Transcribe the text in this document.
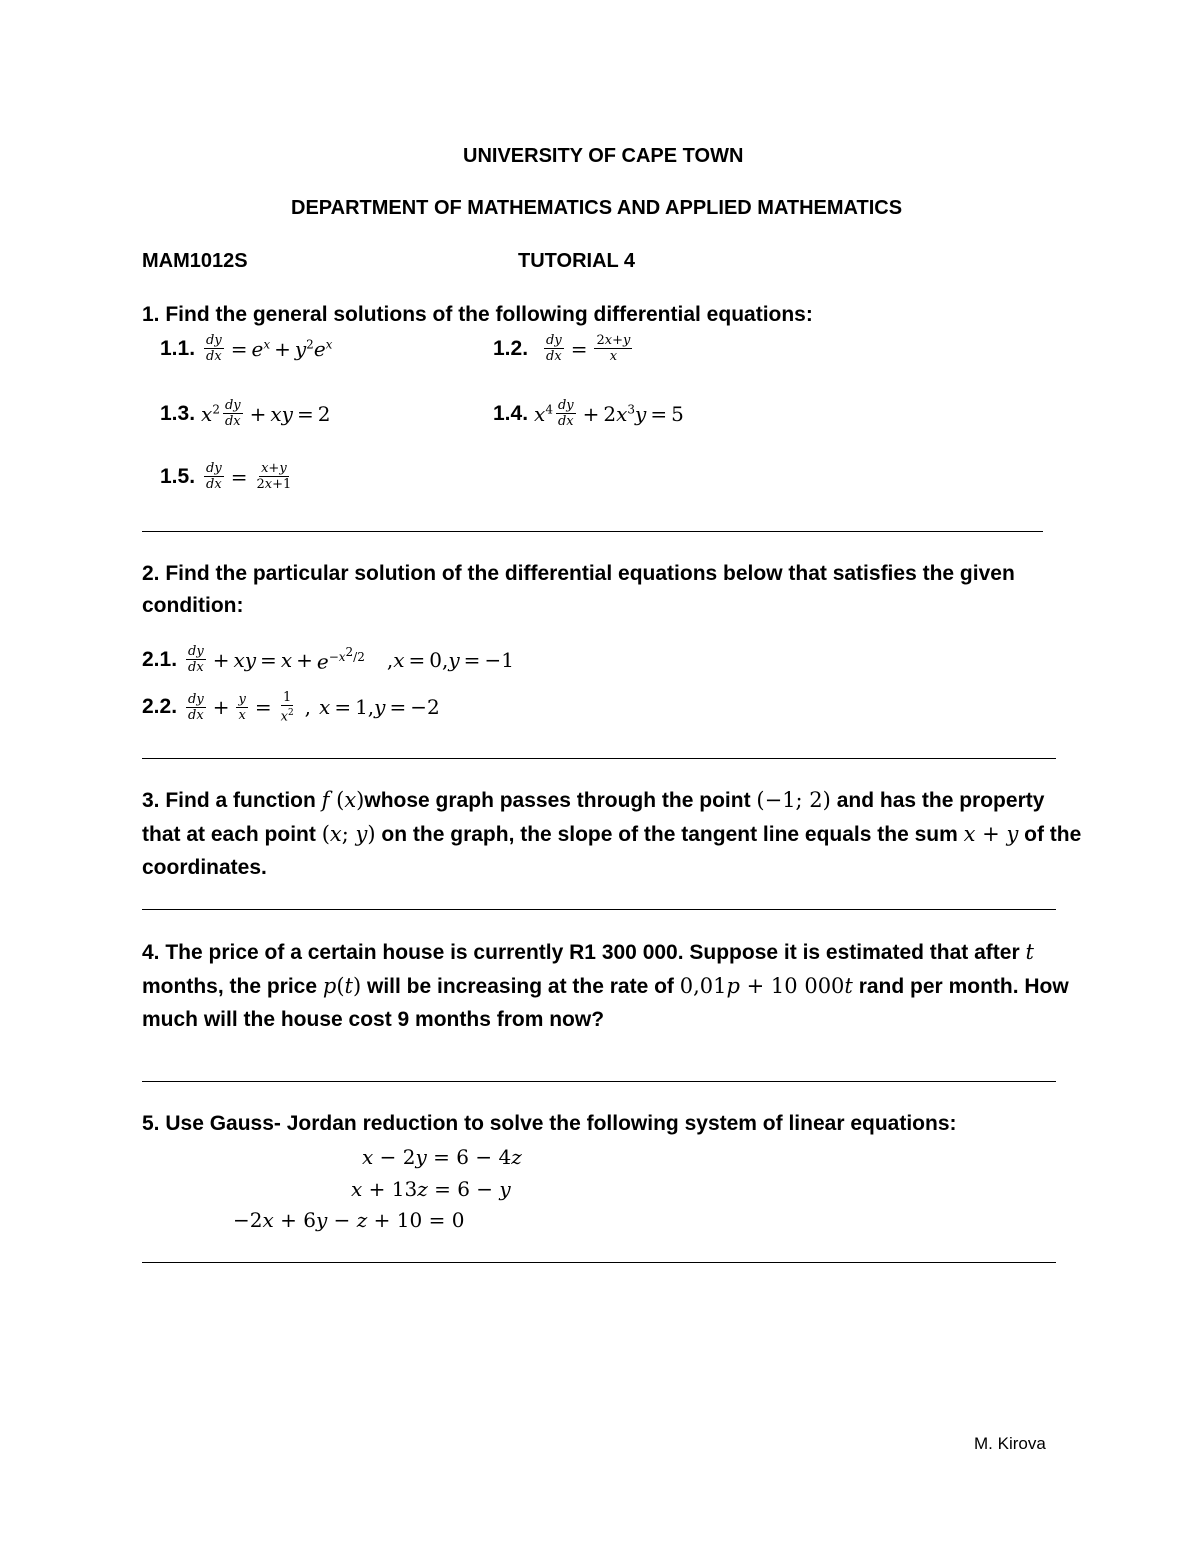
UNIVERSITY OF CAPE TOWN
DEPARTMENT OF MATHEMATICS AND APPLIED MATHEMATICS
MAM1012S	TUTORIAL 4
1. Find the general solutions of the following differential equations:
1.1. $\frac{dy}{dx} = e^x + y^2e^x$	1.2. $\frac{dy}{dx} = \frac{2x+y}{x}$
1.3. $x^2 \frac{dy}{dx}$ + xy = 2	1.4. $x^4 \frac{dy}{dx} + 2$ $x^3y = 5$
1.5. $\frac{dy}{dx} = \frac{x+y}{2x+1}$
2. Find the particular solution of the differential equations below that satisfies the given
condition:
2.1. $\frac{dy}{dx}$ + xy = $x + e^{-x^2/2}$ , x = 0, y = −1
2.2. $\frac{dy}{dx} + \frac{y}{x} = \frac{1}{x^2}$ , x = 1, y = −2
3. Find a function f (x)whose graph passes through the point (−1; 2) and has the property
that at each point (x; y) on the graph, the slope of the tangent line equals the sum x + y of the
coordinates.
4. The price of a certain house is currently R1 300 000. Suppose it is estimated that after t
months, the price p(t) will be increasing at the rate of 0,01p + 10 000t rand per month. How
much will the house cost 9 months from now?
5. Use Gauss- Jordan reduction to solve the following system of linear equations:
x − 2y = 6 − 4z
x + 13z = 6 − y
−2x + 6y − z + 10 = 0
M. Kirova
